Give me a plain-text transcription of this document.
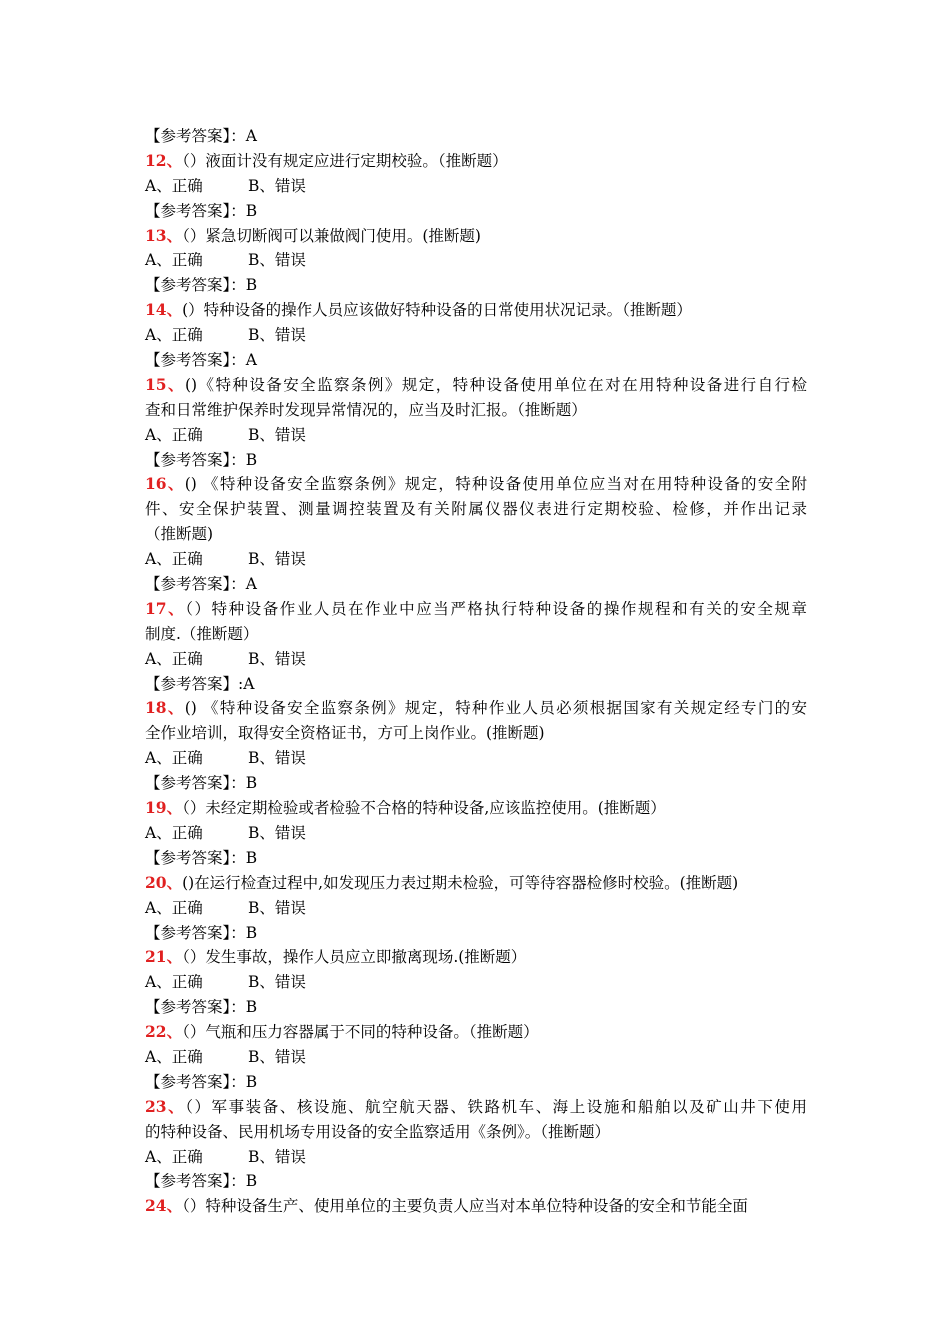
【参考答案】：A
12、（）液面计没有规定应进行定期校验。（推断题）
A、正确	B、错误
【参考答案】：B
13、（）紧急切断阀可以兼做阀门使用。(推断题)
A、正确	B、错误
【参考答案】：B
14、(）特种设备的操作人员应该做好特种设备的日常使用状况记录。（推断题）
A、正确	B、错误
【参考答案】：A
15、()《特种设备安全监察条例》规定，特种设备使用单位在对在用特种设备进行自行检
查和日常维护保养时发现异常情况的，应当及时汇报。（推断题）
A、正确	B、错误
【参考答案】：B
16、() 《特种设备安全监察条例》规定，特种设备使用单位应当对在用特种设备的安全附
件、安全保护装置、测量调控装置及有关附属仪器仪表进行定期校验、检修，并作出记录
（推断题)
A、正确	B、错误
【参考答案】：A
17、（）特种设备作业人员在作业中应当严格执行特种设备的操作规程和有关的安全规章
制度.（推断题）
A、正确	B、错误
【参考答案】:A
18、() 《特种设备安全监察条例》规定，特种作业人员必须根据国家有关规定经专门的安
全作业培训，取得安全资格证书，方可上岗作业。(推断题)
A、正确	B、错误
【参考答案】：B
19、（）未经定期检验或者检验不合格的特种设备,应该监控使用。(推断题）
A、正确	B、错误
【参考答案】：B
20、()在运行检查过程中,如发现压力表过期未检验，可等待容器检修时校验。(推断题)
A、正确	B、错误
【参考答案】：B
21、（）发生事故，操作人员应立即撤离现场.(推断题）
A、正确	B、错误
【参考答案】：B
22、（）气瓶和压力容器属于不同的特种设备。（推断题）
A、正确	B、错误
【参考答案】：B
23、（）军事装备、核设施、航空航天器、铁路机车、海上设施和船舶以及矿山井下使用
的特种设备、民用机场专用设备的安全监察适用《条例》。（推断题）
A、正确	B、错误
【参考答案】：B
24、（）特种设备生产、使用单位的主要负责人应当对本单位特种设备的安全和节能全面
